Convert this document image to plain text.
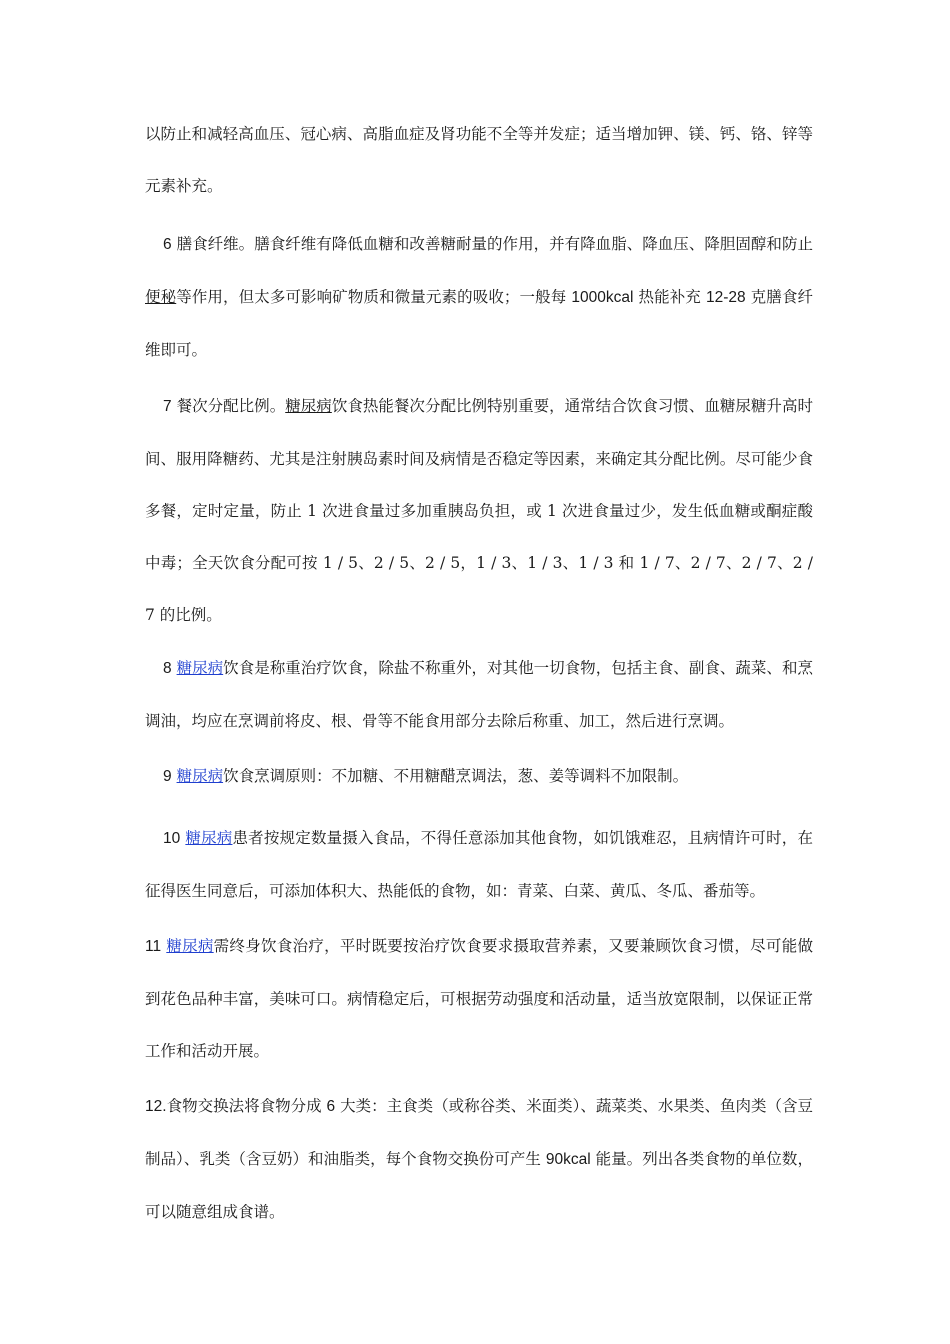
以防止和减轻高血压、冠心病、高脂血症及肾功能不全等并发症；适当增加钾、镁、钙、铬、锌等元素补充。

6 膳食纤维。膳食纤维有降低血糖和改善糖耐量的作用，并有降血脂、降血压、降胆固醇和防止便秘等作用，但太多可影响矿物质和微量元素的吸收；一般每 1000kcal 热能补充 12-28 克膳食纤维即可。

7 餐次分配比例。糖尿病饮食热能餐次分配比例特别重要，通常结合饮食习惯、血糖尿糖升高时间、服用降糖药、尤其是注射胰岛素时间及病情是否稳定等因素，来确定其分配比例。尽可能少食多餐，定时定量，防止 1 次进食量过多加重胰岛负担，或 1 次进食量过少，发生低血糖或酮症酸中毒；全天饮食分配可按 1 / 5、2 / 5、2 / 5，1 / 3、1 / 3、1 / 3 和 1 / 7、2 / 7、2 / 7、2 / 7 的比例。

8 糖尿病饮食是称重治疗饮食，除盐不称重外，对其他一切食物，包括主食、副食、蔬菜、和烹调油，均应在烹调前将皮、根、骨等不能食用部分去除后称重、加工，然后进行烹调。

9 糖尿病饮食烹调原则：不加糖、不用糖醋烹调法，葱、姜等调料不加限制。

10 糖尿病患者按规定数量摄入食品，不得任意添加其他食物，如饥饿难忍，且病情许可时，在征得医生同意后，可添加体积大、热能低的食物，如：青菜、白菜、黄瓜、冬瓜、番茄等。

11 糖尿病需终身饮食治疗，平时既要按治疗饮食要求摄取营养素，又要兼顾饮食习惯，尽可能做到花色品种丰富，美味可口。病情稳定后，可根据劳动强度和活动量，适当放宽限制，以保证正常工作和活动开展。

12.食物交换法将食物分成 6 大类：主食类（或称谷类、米面类）、蔬菜类、水果类、鱼肉类（含豆制品）、乳类（含豆奶）和油脂类，每个食物交换份可产生 90kcal 能量。列出各类食物的单位数，可以随意组成食谱。
